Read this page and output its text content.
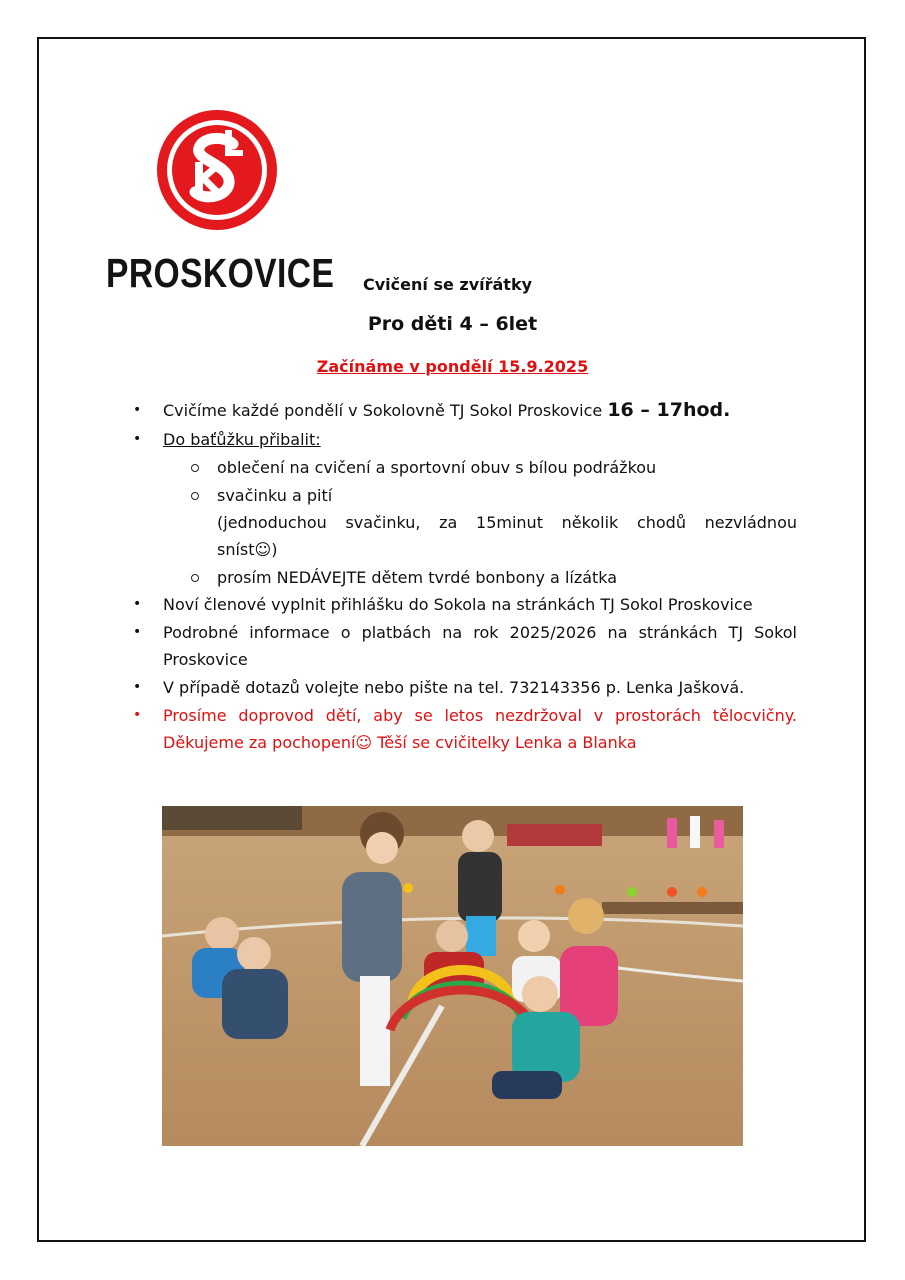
PROSKOVICE Cvičení se zvířátky
Pro děti 4 – 6let
Začínáme v pondělí 15.9.2025
• Cvičíme každé pondělí v Sokolovně TJ Sokol Proskovice 16 – 17hod.
• Do baťůžku přibalit:
oblečení na cvičení a sportovní obuv s bílou podrážkou
svačinku a pití
(jednoduchou svačinku, za 15minut několik chodů nezvládnou
sníst☺)
prosím NEDÁVEJTE dětem tvrdé bonbony a lízátka
• Noví členové vyplnit přihlášku do Sokola na stránkách TJ Sokol Proskovice
• Podrobné informace o platbách na rok 2025/2026 na stránkách TJ Sokol
Proskovice
• V případě dotazů volejte nebo pište na tel. 732143356 p. Lenka Jašková.
• Prosíme doprovod dětí, aby se letos nezdržoval v prostorách tělocvičny.
Děkujeme za pochopení☺ Těší se cvičitelky Lenka a Blanka
